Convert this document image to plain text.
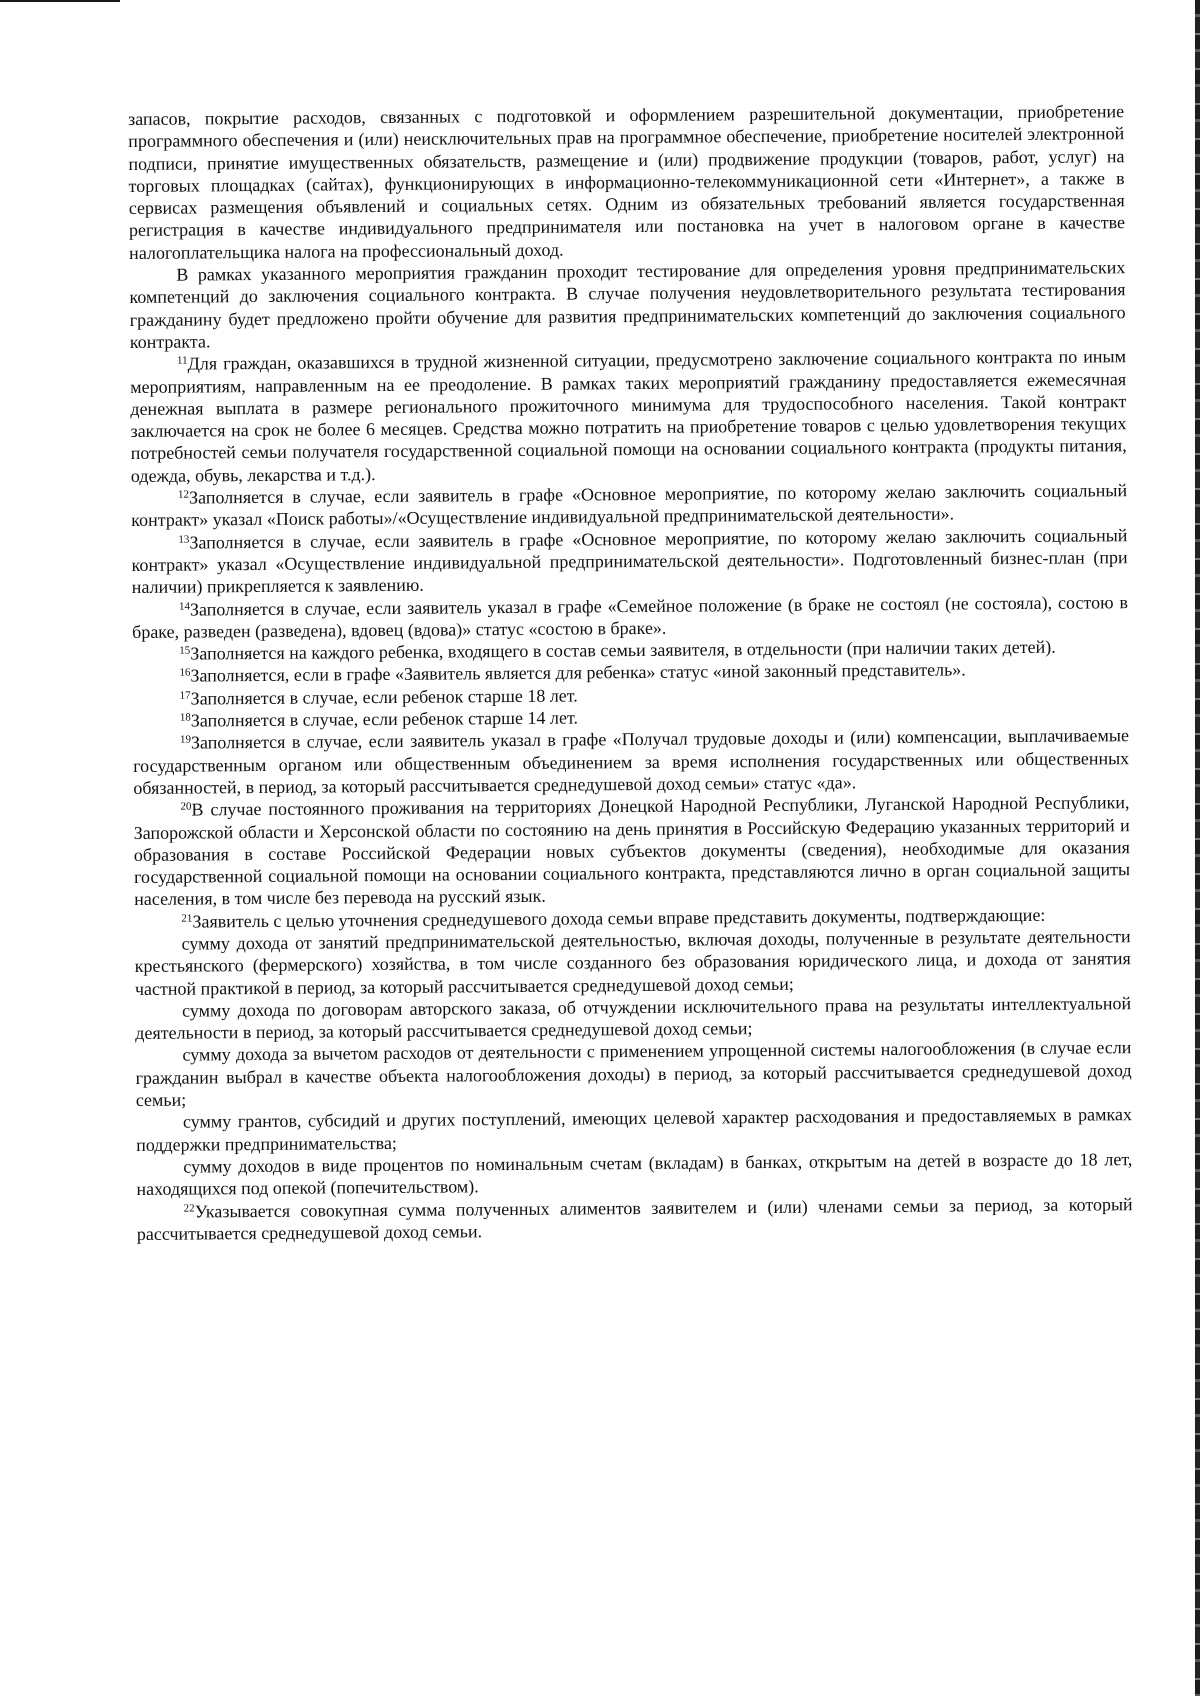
запасов, покрытие расходов, связанных с подготовкой и оформлением разрешительной документации, приобретение программного обеспечения и (или) неисключительных прав на программное обеспечение, приобретение носителей электронной подписи, принятие имущественных обязательств, размещение и (или) продвижение продукции (товаров, работ, услуг) на торговых площадках (сайтах), функционирующих в информационно-телекоммуникационной сети «Интернет», а также в сервисах размещения объявлений и социальных сетях. Одним из обязательных требований является государственная регистрация в качестве индивидуального предпринимателя или постановка на учет в налоговом органе в качестве налогоплательщика налога на профессиональный доход.

В рамках указанного мероприятия гражданин проходит тестирование для определения уровня предпринимательских компетенций до заключения социального контракта. В случае получения неудовлетворительного результата тестирования гражданину будет предложено пройти обучение для развития предпринимательских компетенций до заключения социального контракта.

$^{11}$Для граждан, оказавшихся в трудной жизненной ситуации, предусмотрено заключение социального контракта по иным мероприятиям, направленным на ее преодоление. В рамках таких мероприятий гражданину предоставляется ежемесячная денежная выплата в размере регионального прожиточного минимума для трудоспособного населения. Такой контракт заключается на срок не более 6 месяцев. Средства можно потратить на приобретение товаров с целью удовлетворения текущих потребностей семьи получателя государственной социальной помощи на основании социального контракта (продукты питания, одежда, обувь, лекарства и т.д.).

$^{12}$Заполняется в случае, если заявитель в графе «Основное мероприятие, по которому желаю заключить социальный контракт» указал «Поиск работы»/«Осуществление индивидуальной предпринимательской деятельности».

$^{13}$Заполняется в случае, если заявитель в графе «Основное мероприятие, по которому желаю заключить социальный контракт» указал «Осуществление индивидуальной предпринимательской деятельности». Подготовленный бизнес-план (при наличии) прикрепляется к заявлению.

$^{14}$Заполняется в случае, если заявитель указал в графе «Семейное положение (в браке не состоял (не состояла), состою в браке, разведен (разведена), вдовец (вдова)» статус «состою в браке».

$^{15}$Заполняется на каждого ребенка, входящего в состав семьи заявителя, в отдельности (при наличии таких детей).

$^{16}$Заполняется, если в графе «Заявитель является для ребенка» статус «иной законный представитель».

$^{17}$Заполняется в случае, если ребенок старше 18 лет.

$^{18}$Заполняется в случае, если ребенок старше 14 лет.

$^{19}$Заполняется в случае, если заявитель указал в графе «Получал трудовые доходы и (или) компенсации, выплачиваемые государственным органом или общественным объединением за время исполнения государственных или общественных обязанностей, в период, за который рассчитывается среднедушевой доход семьи» статус «да».

$^{20}$В случае постоянного проживания на территориях Донецкой Народной Республики, Луганской Народной Республики, Запорожской области и Херсонской области по состоянию на день принятия в Российскую Федерацию указанных территорий и образования в составе Российской Федерации новых субъектов документы (сведения), необходимые для оказания государственной социальной помощи на основании социального контракта, представляются лично в орган социальной защиты населения, в том числе без перевода на русский язык.

$^{21}$Заявитель с целью уточнения среднедушевого дохода семьи вправе представить документы, подтверждающие:

сумму дохода от занятий предпринимательской деятельностью, включая доходы, полученные в результате деятельности крестьянского (фермерского) хозяйства, в том числе созданного без образования юридического лица, и дохода от занятия частной практикой в период, за который рассчитывается среднедушевой доход семьи;

сумму дохода по договорам авторского заказа, об отчуждении исключительного права на результаты интеллектуальной деятельности в период, за который рассчитывается среднедушевой доход семьи;

сумму дохода за вычетом расходов от деятельности с применением упрощенной системы налогообложения (в случае если гражданин выбрал в качестве объекта налогообложения доходы) в период, за который рассчитывается среднедушевой доход семьи;

сумму грантов, субсидий и других поступлений, имеющих целевой характер расходования и предоставляемых в рамках поддержки предпринимательства;

сумму доходов в виде процентов по номинальным счетам (вкладам) в банках, открытым на детей в возрасте до 18 лет, находящихся под опекой (попечительством).

$^{22}$Указывается совокупная сумма полученных алиментов заявителем и (или) членами семьи за период, за который рассчитывается среднедушевой доход семьи.
